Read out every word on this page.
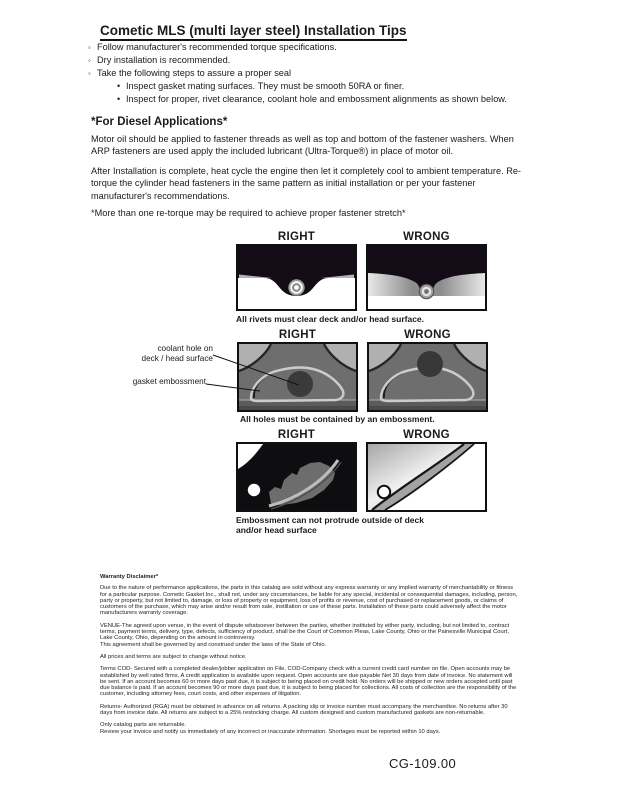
Cometic MLS (multi layer steel) Installation Tips
◦ Follow manufacturer's recommended torque specifications.
◦ Dry installation is recommended.
◦ Take the following steps to assure a proper seal
• Inspect gasket mating surfaces. They must be smooth 50RA or finer.
• Inspect for proper, rivet clearance, coolant hole and embossment alignments as shown below.
*For Diesel Applications*
Motor oil should be applied to fastener threads as well as top and bottom of the fastener washers. When ARP fasteners are used apply the included lubricant (Ultra-Torque®) in place of motor oil.
After Installation is complete, heat cycle the engine then let it completely cool to ambient temperature. Re-torque the cylinder head fasteners in the same pattern as initial installation or per your fastener manufacturer's recommendations.
*More than one re-torque may be required to achieve proper fastener stretch*
RIGHT	WRONG
All rivets must clear deck and/or head surface.
RIGHT	WRONG
coolant hole on
deck / head surface
gasket embossment
All holes must be contained by an embossment.
RIGHT	WRONG
Embossment can not protrude outside of deck
and/or head surface

Warranty Disclaimer*

Due to the nature of performance applications, the parts in this catalog are sold without any express warranty or any implied warranty of merchantability or fitness for a particular purpose. Cometic Gasket Inc., shall not, under any circumstances, be liable for any special, incidental or consequential damages, including, person, party or property, but not limited to, damage, or loss of property or equipment, loss of profits or revenue, cost of purchased or replacement goods, or claims of customers of the purchase, which may arise and/or result from sale, instillation or use of these parts. Installation of these parts could adversely affect the motor manufacturers warranty coverage.

VENUE-The agreed upon venue, in the event of dispute whatsoever between the parties, whether instituted by either party, including, but not limited to, contract terms, payment terms, delivery, type, defects, sufficiency of product, shall be the Court of Common Pleas, Lake County, Ohio or the Painesville Municipal Court, Lake County, Ohio, depending on the amount in controversy.

This agreement shall be governed by and construed under the laws of the State of Ohio.

All prices and terms are subject to change without notice.

Terms COD- Secured with a completed dealer/jobber application on File, COD-Company check with a current credit card number on file. Open accounts may be established by well rated firms. A credit application is available upon request. Open accounts are due payable Net 30 days from date of invoice. No statement will be sent. If an account becomes 60 or more days past due, it is subject to being placed on credit hold. No orders will be shipped or new orders accepted until past due balance is paid. If an account becomes 90 or more days past due, it is subject to being placed for collections. All costs of collection are the responsibility of the customer, including attorney fees, court costs, and other expenses of litigation.

Returns- Authorized (RGA) must be obtained in advance on all returns. A packing slip or invoice number must accompany the merchandise. No returns after 30 days from invoice date. All returns are subject to a 25% restocking charge. All custom designed and custom manufactured gaskets are non-returnable.

Only catalog parts are returnable.

Review your invoice and notify us immediately of any incorrect or inaccurate information. Shortages must be reported within 10 days.

CG-109.00
